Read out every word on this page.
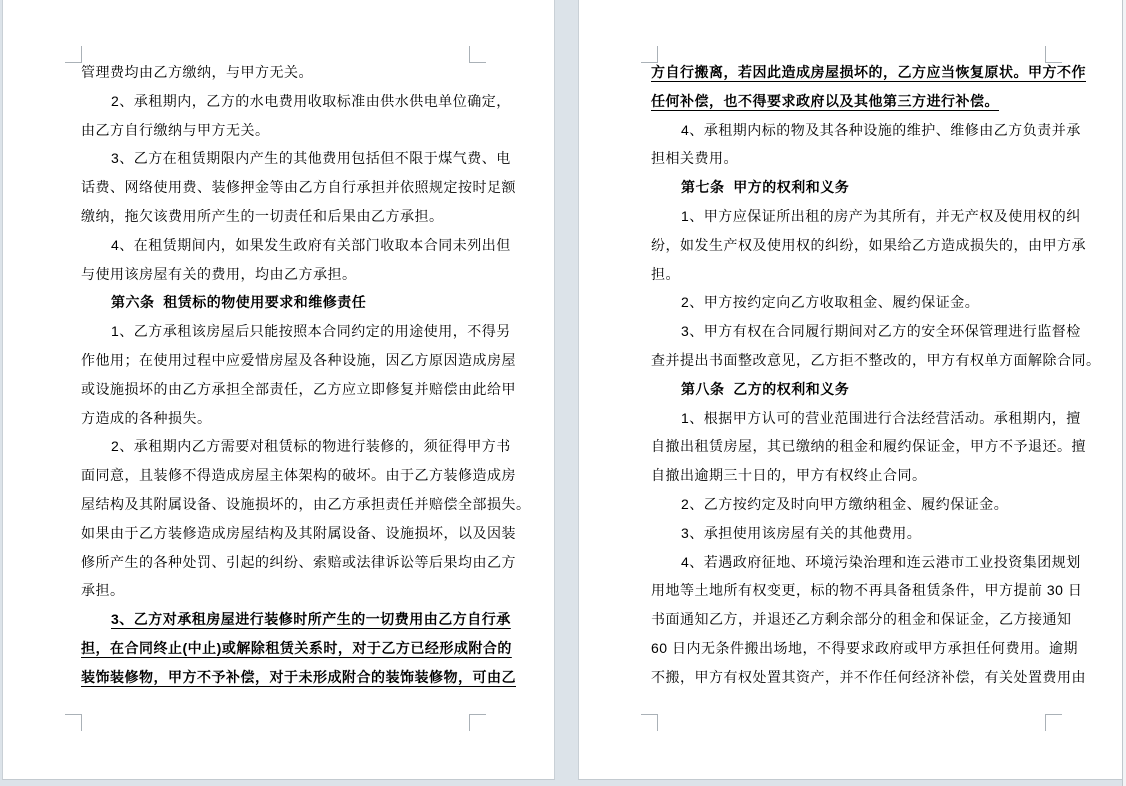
管理费均由乙方缴纳，与甲方无关。
2、承租期内，乙方的水电费用收取标准由供水供电单位确定，
由乙方自行缴纳与甲方无关。
3、乙方在租赁期限内产生的其他费用包括但不限于煤气费、电
话费、网络使用费、装修押金等由乙方自行承担并依照规定按时足额
缴纳，拖欠该费用所产生的一切责任和后果由乙方承担。
4、在租赁期间内，如果发生政府有关部门收取本合同未列出但
与使用该房屋有关的费用，均由乙方承担。
第六条  租赁标的物使用要求和维修责任
1、乙方承租该房屋后只能按照本合同约定的用途使用，不得另
作他用；在使用过程中应爱惜房屋及各种设施，因乙方原因造成房屋
或设施损坏的由乙方承担全部责任，乙方应立即修复并赔偿由此给甲
方造成的各种损失。
2、承租期内乙方需要对租赁标的物进行装修的，须征得甲方书
面同意，且装修不得造成房屋主体架构的破坏。由于乙方装修造成房
屋结构及其附属设备、设施损坏的，由乙方承担责任并赔偿全部损失。
如果由于乙方装修造成房屋结构及其附属设备、设施损坏，以及因装
修所产生的各种处罚、引起的纠纷、索赔或法律诉讼等后果均由乙方
承担。
3、乙方对承租房屋进行装修时所产生的一切费用由乙方自行承
担，在合同终止(中止)或解除租赁关系时，对于乙方已经形成附合的
装饰装修物，甲方不予补偿，对于未形成附合的装饰装修物，可由乙
方自行搬离，若因此造成房屋损坏的，乙方应当恢复原状。甲方不作
任何补偿，也不得要求政府以及其他第三方进行补偿。
4、承租期内标的物及其各种设施的维护、维修由乙方负责并承
担相关费用。
第七条  甲方的权利和义务
1、甲方应保证所出租的房产为其所有，并无产权及使用权的纠
纷，如发生产权及使用权的纠纷，如果给乙方造成损失的，由甲方承
担。
2、甲方按约定向乙方收取租金、履约保证金。
3、甲方有权在合同履行期间对乙方的安全环保管理进行监督检
查并提出书面整改意见，乙方拒不整改的，甲方有权单方面解除合同。
第八条  乙方的权利和义务
1、根据甲方认可的营业范围进行合法经营活动。承租期内，擅
自撤出租赁房屋，其已缴纳的租金和履约保证金，甲方不予退还。擅
自撤出逾期三十日的，甲方有权终止合同。
2、乙方按约定及时向甲方缴纳租金、履约保证金。
3、承担使用该房屋有关的其他费用。
4、若遇政府征地、环境污染治理和连云港市工业投资集团规划
用地等土地所有权变更，标的物不再具备租赁条件，甲方提前 30 日
书面通知乙方，并退还乙方剩余部分的租金和保证金，乙方接通知
60 日内无条件搬出场地，不得要求政府或甲方承担任何费用。逾期
不搬，甲方有权处置其资产，并不作任何经济补偿，有关处置费用由
